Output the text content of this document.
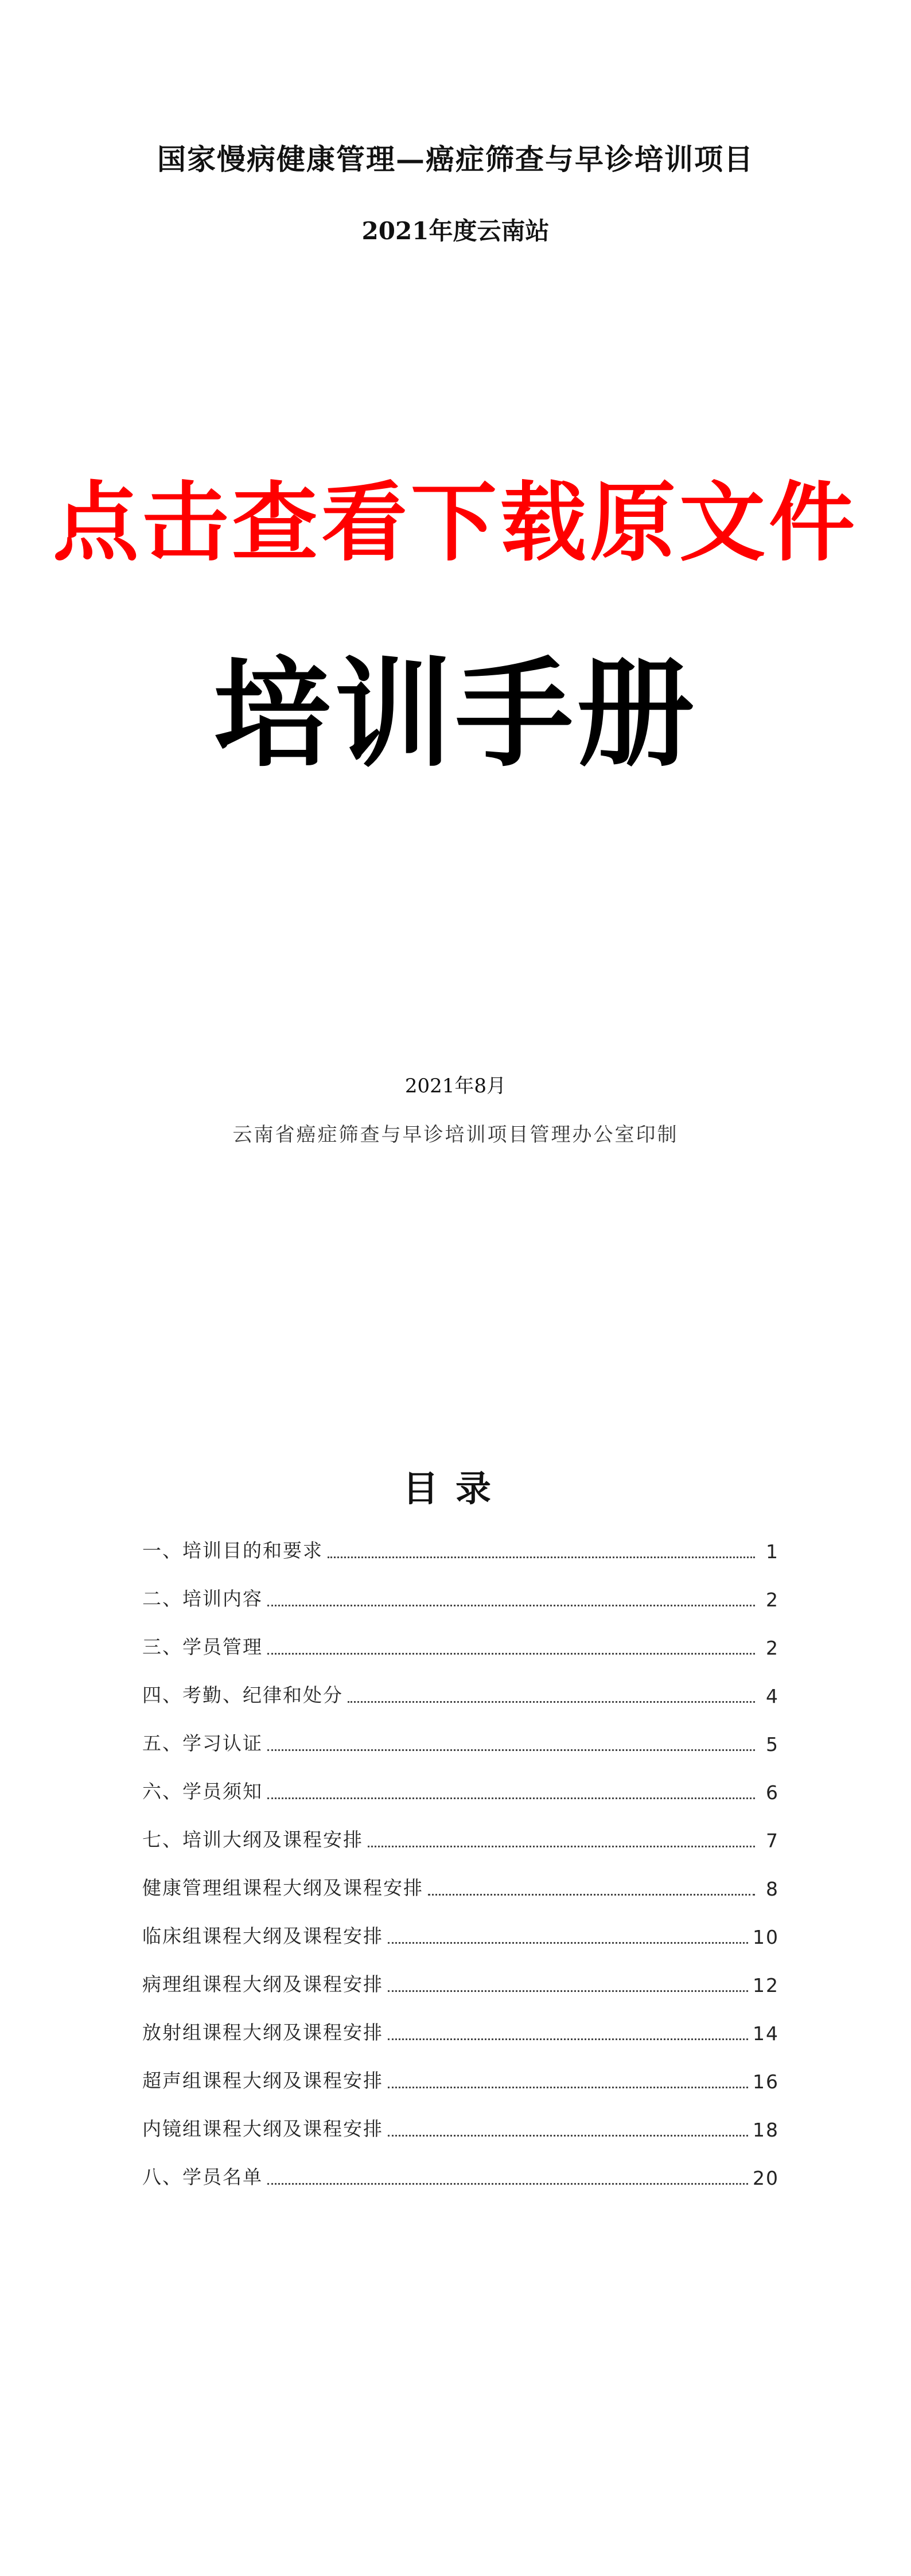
国家慢病健康管理—癌症筛查与早诊培训项目
2021年度云南站
点击查看下载原文件
培训手册
2021年8月
云南省癌症筛查与早诊培训项目管理办公室印制
目录
一、培训目的和要求	1
二、培训内容	2
三、学员管理	2
四、考勤、纪律和处分	4
五、学习认证	5
六、学员须知	6
七、培训大纲及课程安排	7
健康管理组课程大纲及课程安排	8
临床组课程大纲及课程安排	10
病理组课程大纲及课程安排	12
放射组课程大纲及课程安排	14
超声组课程大纲及课程安排	16
内镜组课程大纲及课程安排	18
八、学员名单	20
